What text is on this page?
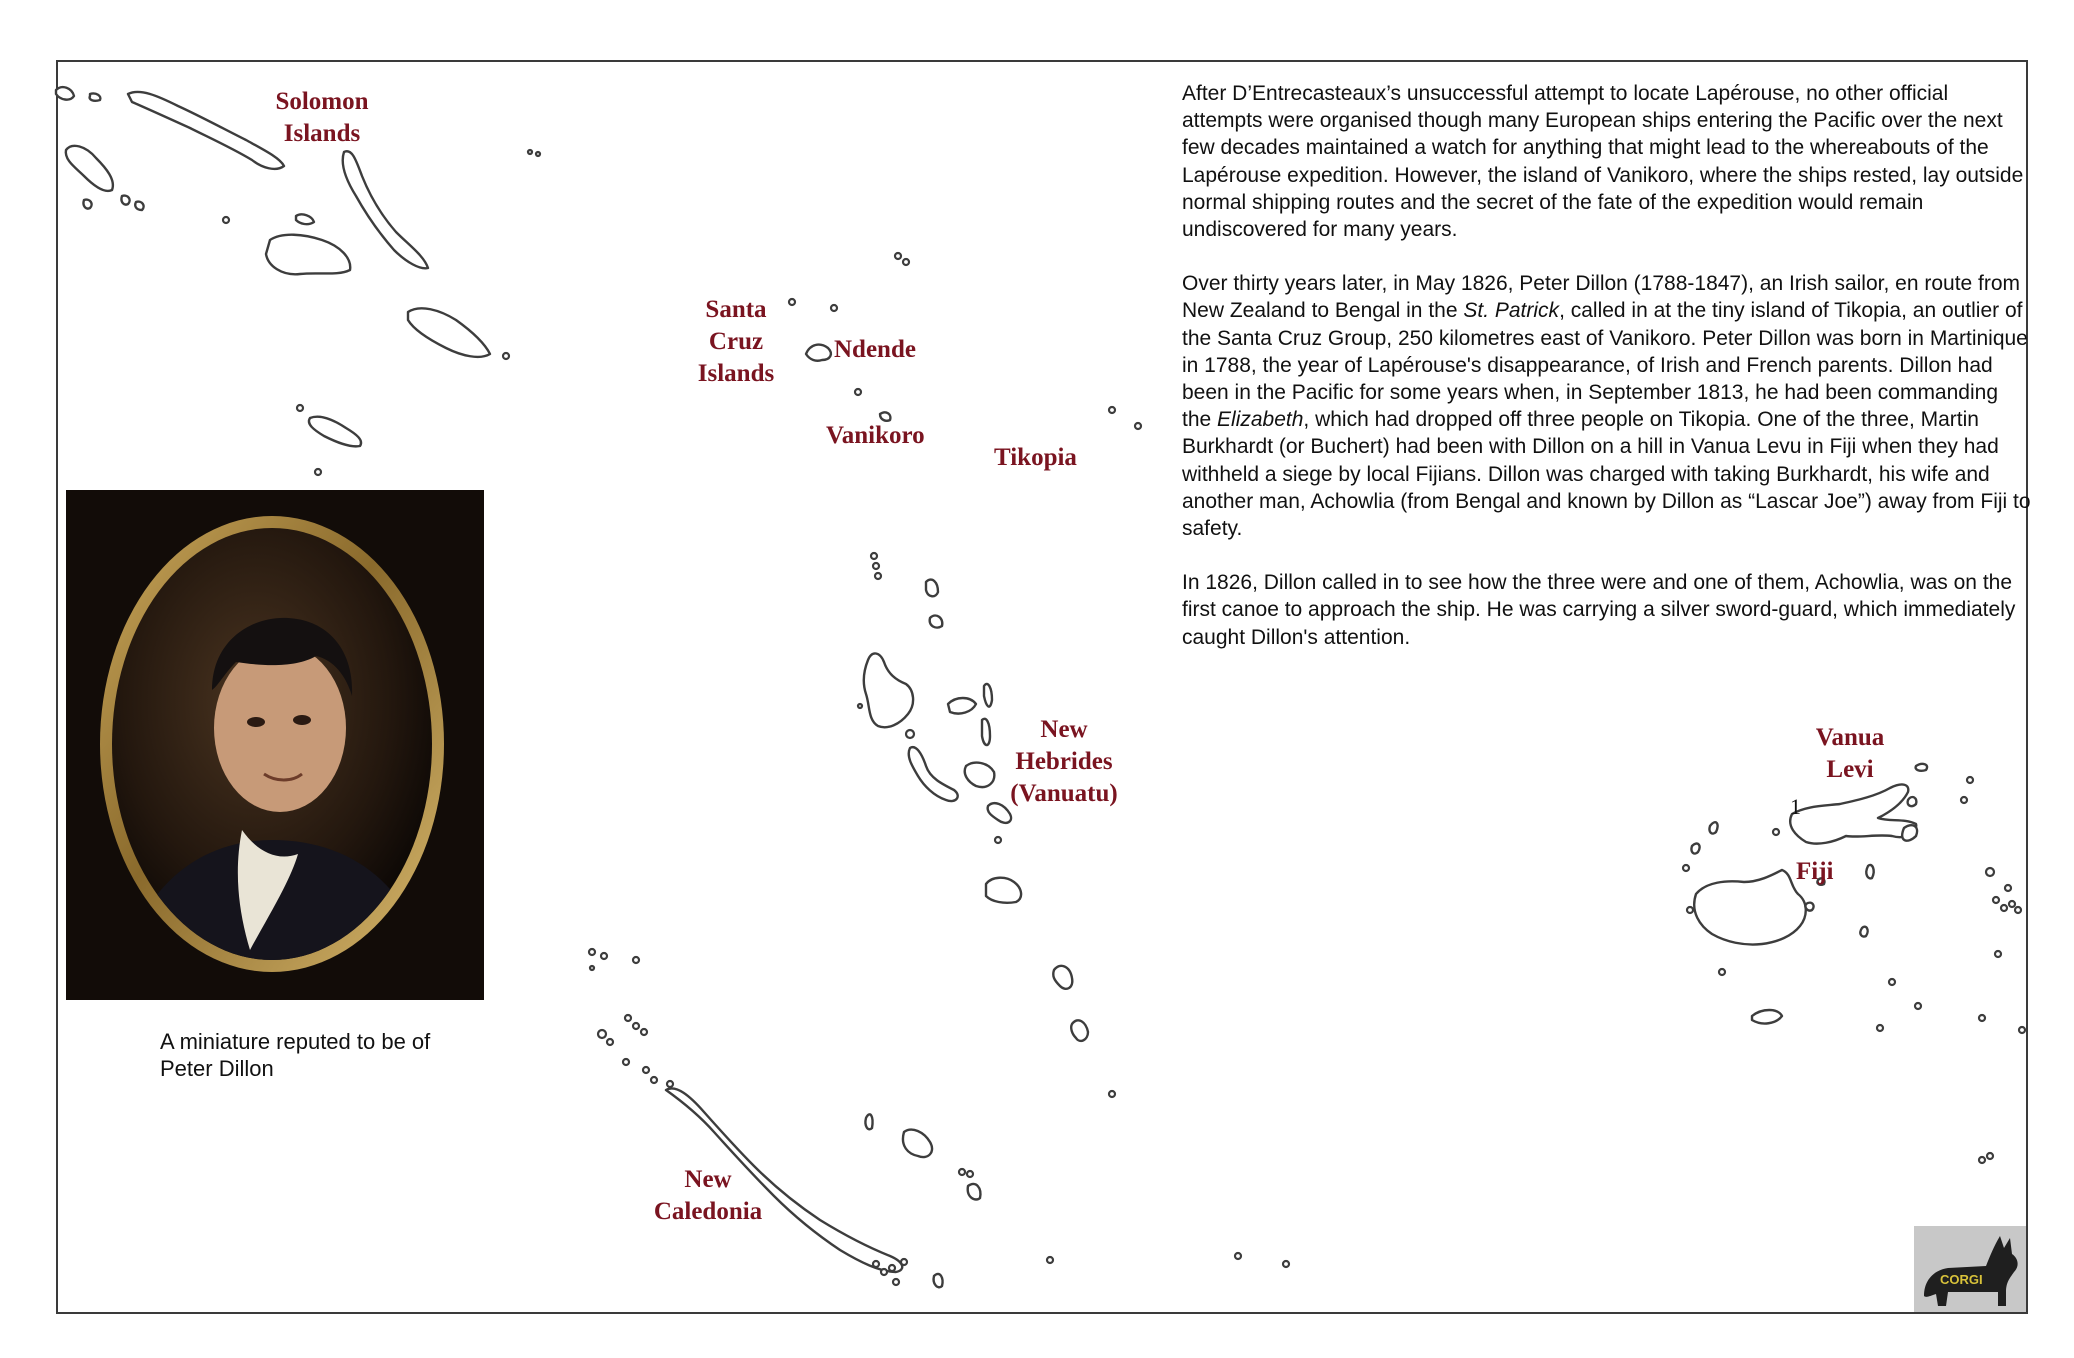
Solomon
Islands
Santa
Cruz
Islands
Ndende
Vanikoro
Tikopia
New
Hebrides
(Vanuatu)
New
Caledonia
Vanua
Levi
Fiji
1

After D’Entrecasteaux’s unsuccessful attempt to locate Lapérouse, no other official attempts were organised though many European ships entering the Pacific over the next few decades maintained a watch for anything that might lead to the whereabouts of the Lapérouse expedition. However, the island of Vanikoro, where the ships rested, lay outside normal shipping routes and the secret of the fate of the expedition would remain undiscovered for many years.

Over thirty years later, in May 1826, Peter Dillon (1788-1847), an Irish sailor, en route from New Zealand to Bengal in the St. Patrick, called in at the tiny island of Tikopia, an outlier of the Santa Cruz Group, 250 kilometres east of Vanikoro. Peter Dillon was born in Martinique in 1788, the year of Lapérouse's disappearance, of Irish and French parents. Dillon had been in the Pacific for some years when, in September 1813, he had been commanding the Elizabeth, which had dropped off three people on Tikopia. One of the three, Martin Burkhardt (or Buchert) had been with Dillon on a hill in Vanua Levu in Fiji when they had withheld a siege by local Fijians. Dillon was charged with taking Burkhardt, his wife and another man, Achowlia (from Bengal and known by Dillon as “Lascar Joe”) away from Fiji to safety.

In 1826, Dillon called in to see how the three were and one of them, Achowlia, was on the first canoe to approach the ship. He was carrying a silver sword-guard, which immediately caught Dillon's attention.

A miniature reputed to be of Peter Dillon
CORGI
